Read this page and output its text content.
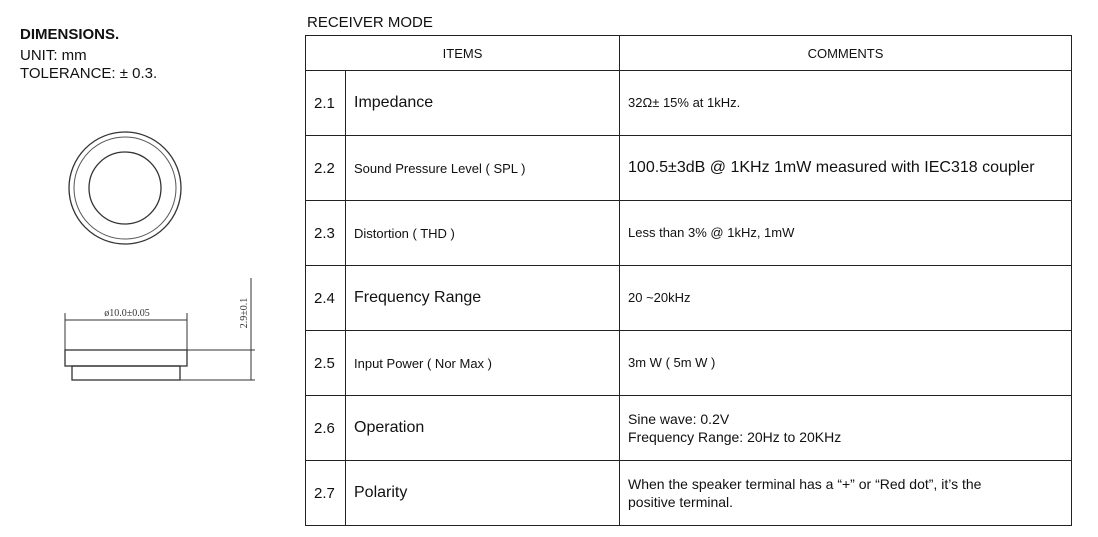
DIMENSIONS.
UNIT: mm
TOLERANCE: ± 0.3.
ø10.0±0.05	2.9±0.1
RECEIVER MODE
ITEMS		COMMENTS
2.1	Impedance	32Ω± 15% at 1kHz.
2.2	Sound Pressure Level ( SPL )	100.5±3dB @ 1KHz 1mW measured with IEC318 coupler
2.3	Distortion ( THD )	Less than 3% @ 1kHz, 1mW
2.4	Frequency Range	20 ~20kHz
2.5	Input Power ( Nor Max )	3m W ( 5m W )
2.6	Operation	Sine wave: 0.2V
Frequency Range: 20Hz to 20KHz

2.7	Polarity	When the speaker terminal has a “+” or “Red dot”, it’s the
positive terminal.
